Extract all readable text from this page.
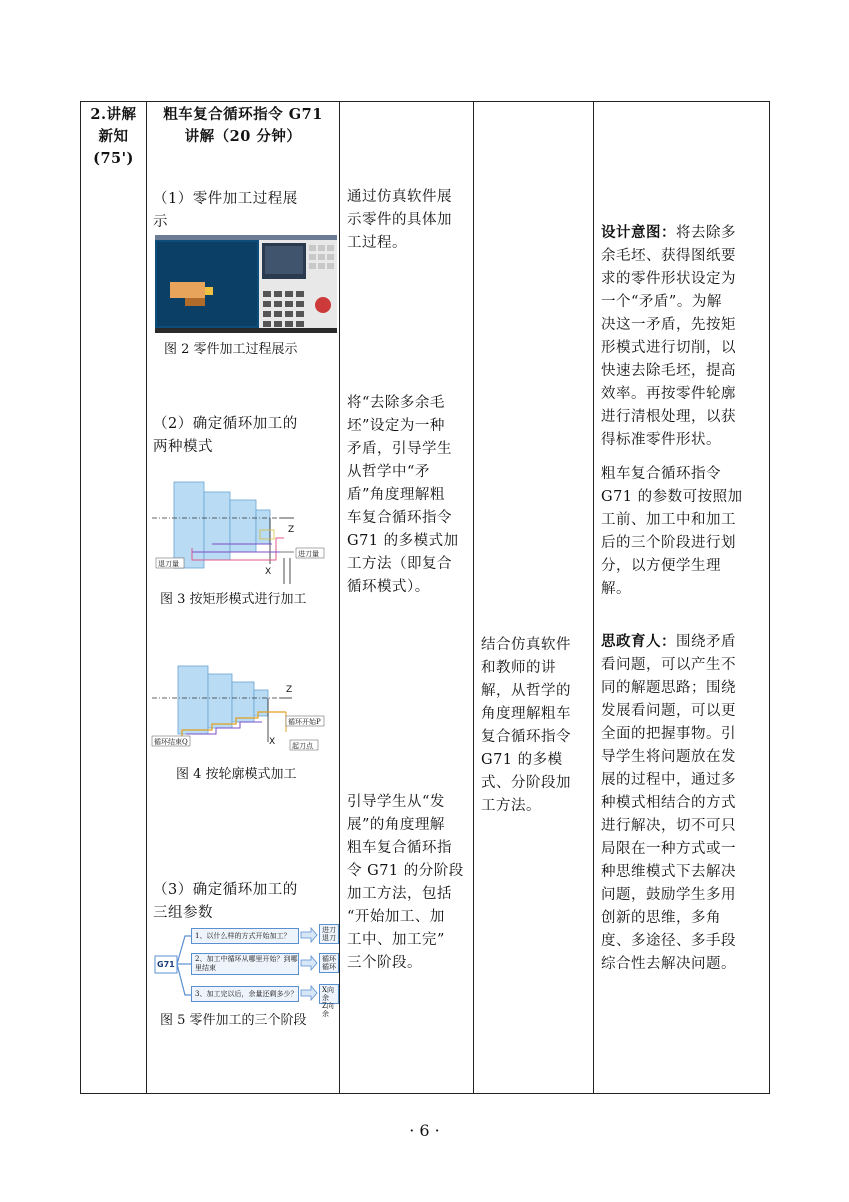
2.讲解
新知
(75')
粗车复合循环指令 G71
讲解（20 分钟）
（1）零件加工过程展
示
图 2 零件加工过程展示
（2）确定循环加工的
两种模式
Z
X
进刀量
退刀量
图 3 按矩形模式进行加工
Z
X
循环开始P
循环结束Q	起刀点
图 4 按轮廓模式加工
（3）确定循环加工的
三组参数
G71
1、以什么样的方式开始加工？
2、加工中循环从哪里开始？到哪
里结束
3、加工完以后，余量还剩多少？
进刀
退刀
循环
循环
X向余
Z向余
图 5 零件加工的三个阶段
通过仿真软件展
示零件的具体加
工过程。
将“去除多余毛
坯”设定为一种
矛盾，引导学生
从哲学中“矛
盾”角度理解粗
车复合循环指令
G71 的多模式加
工方法（即复合
循环模式）。
引导学生从“发
展”的角度理解
粗车复合循环指
令 G71 的分阶段
加工方法，包括
“开始加工、加
工中、加工完”
三个阶段。
结合仿真软件
和教师的讲
解，从哲学的
角度理解粗车
复合循环指令
G71 的多模
式、分阶段加
工方法。
设计意图：将去除多
余毛坯、获得图纸要
求的零件形状设定为
一个“矛盾”。为解
决这一矛盾，先按矩
形模式进行切削，以
快速去除毛坯，提高
效率。再按零件轮廓
进行清根处理，以获
得标准零件形状。
粗车复合循环指令
G71 的参数可按照加
工前、加工中和加工
后的三个阶段进行划
分，以方便学生理
解。
思政育人：围绕矛盾
看问题，可以产生不
同的解题思路；围绕
发展看问题，可以更
全面的把握事物。引
导学生将问题放在发
展的过程中，通过多
种模式相结合的方式
进行解决，切不可只
局限在一种方式或一
种思维模式下去解决
问题，鼓励学生多用
创新的思维，多角
度、多途径、多手段
综合性去解决问题。
· 6 ·
